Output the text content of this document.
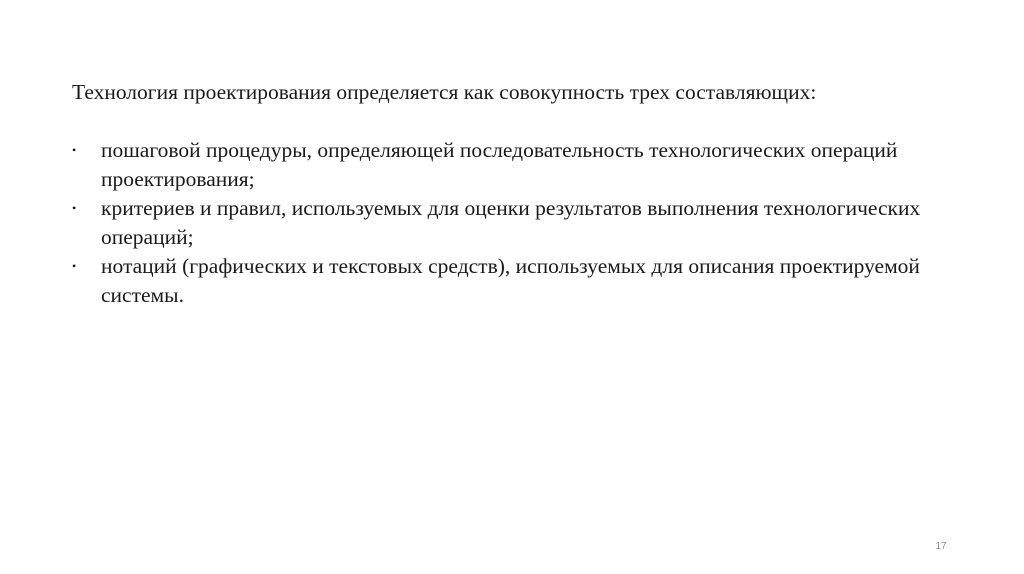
Технология проектирования определяется как совокупность трех составляющих:

•	пошаговой процедуры, определяющей последовательность технологических операций проектирования;
•	критериев и правил, используемых для оценки результатов выполнения технологических операций;
•	нотаций (графических и текстовых средств), используемых для описания проектируемой системы.
17
